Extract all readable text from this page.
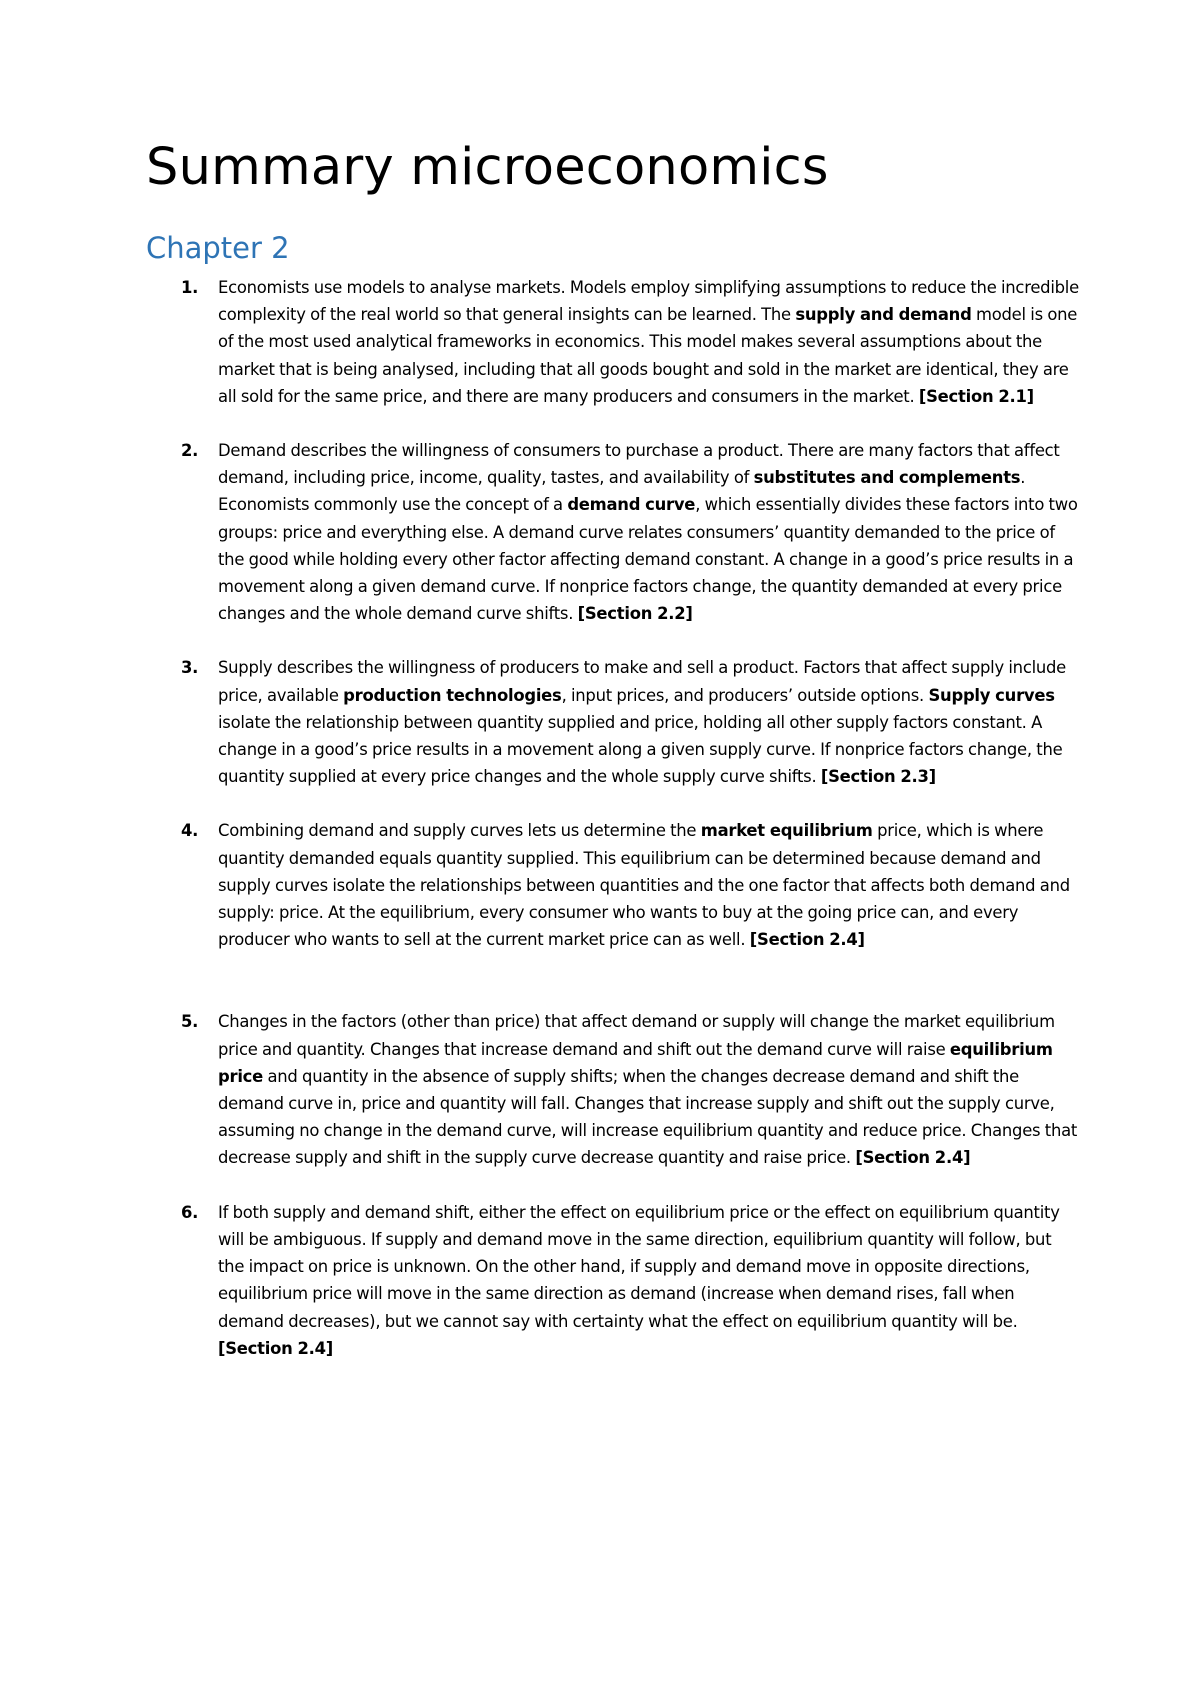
Summary microeconomics
Chapter 2
1. Economists use models to analyse markets. Models employ simplifying assumptions to reduce the incredible complexity of the real world so that general insights can be learned. The supply and demand model is one of the most used analytical frameworks in economics. This model makes several assumptions about the market that is being analysed, including that all goods bought and sold in the market are identical, they are all sold for the same price, and there are many producers and consumers in the market. [Section 2.1]
2. Demand describes the willingness of consumers to purchase a product. There are many factors that affect demand, including price, income, quality, tastes, and availability of substitutes and complements. Economists commonly use the concept of a demand curve, which essentially divides these factors into two groups: price and everything else. A demand curve relates consumers’ quantity demanded to the price of the good while holding every other factor affecting demand constant. A change in a good’s price results in a movement along a given demand curve. If nonprice factors change, the quantity demanded at every price changes and the whole demand curve shifts. [Section 2.2]
3. Supply describes the willingness of producers to make and sell a product. Factors that affect supply include price, available production technologies, input prices, and producers’ outside options. Supply curves isolate the relationship between quantity supplied and price, holding all other supply factors constant. A change in a good’s price results in a movement along a given supply curve. If nonprice factors change, the quantity supplied at every price changes and the whole supply curve shifts. [Section 2.3]
4. Combining demand and supply curves lets us determine the market equilibrium price, which is where quantity demanded equals quantity supplied. This equilibrium can be determined because demand and supply curves isolate the relationships between quantities and the one factor that affects both demand and supply: price. At the equilibrium, every consumer who wants to buy at the going price can, and every producer who wants to sell at the current market price can as well. [Section 2.4]
5. Changes in the factors (other than price) that affect demand or supply will change the market equilibrium price and quantity. Changes that increase demand and shift out the demand curve will raise equilibrium price and quantity in the absence of supply shifts; when the changes decrease demand and shift the demand curve in, price and quantity will fall. Changes that increase supply and shift out the supply curve, assuming no change in the demand curve, will increase equilibrium quantity and reduce price. Changes that decrease supply and shift in the supply curve decrease quantity and raise price. [Section 2.4]
6. If both supply and demand shift, either the effect on equilibrium price or the effect on equilibrium quantity will be ambiguous. If supply and demand move in the same direction, equilibrium quantity will follow, but the impact on price is unknown. On the other hand, if supply and demand move in opposite directions, equilibrium price will move in the same direction as demand (increase when demand rises, fall when demand decreases), but we cannot say with certainty what the effect on equilibrium quantity will be. [Section 2.4]
